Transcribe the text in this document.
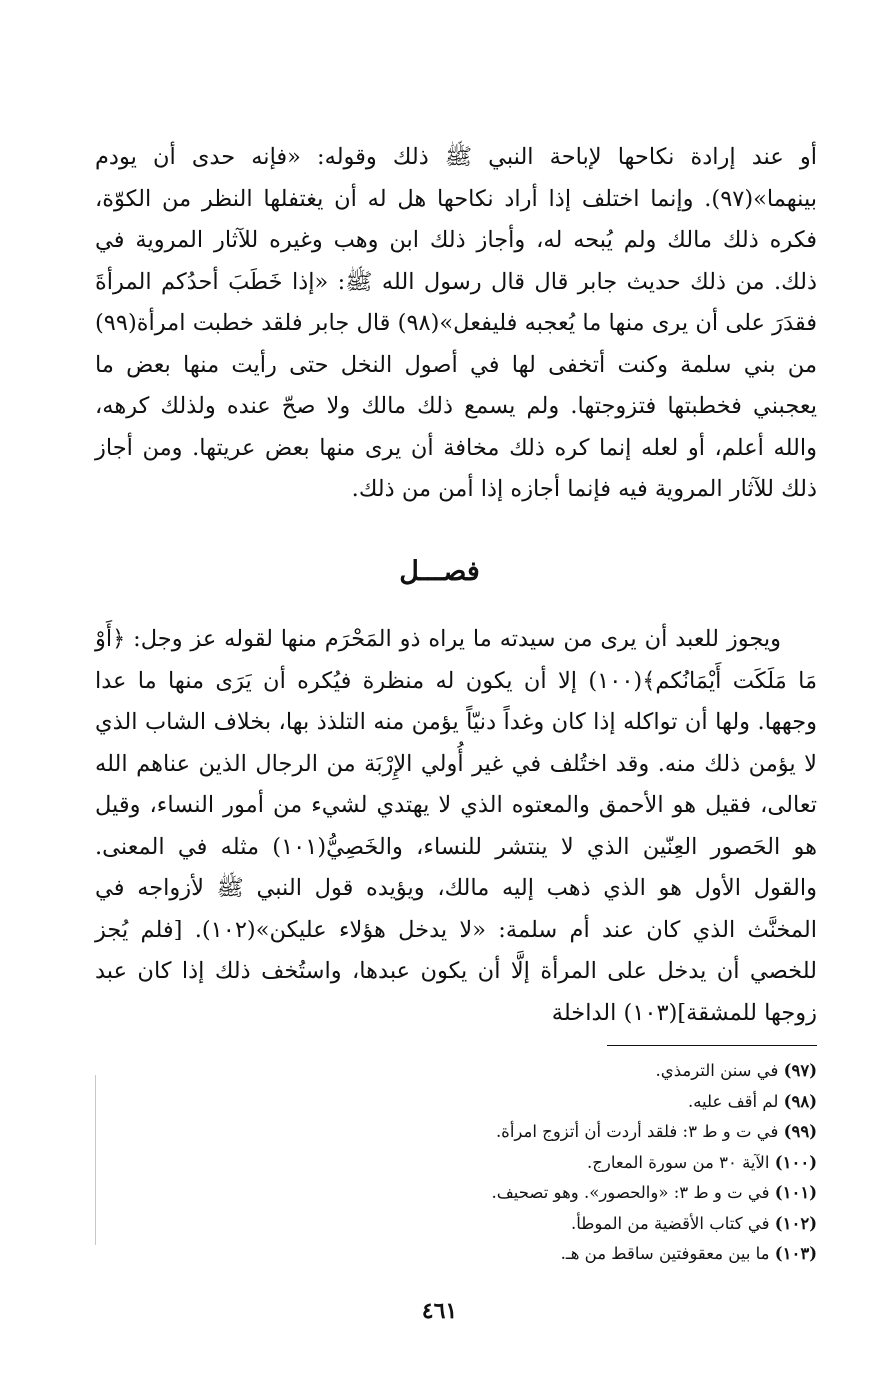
أو عند إرادة نكاحها لإباحة النبي ﷺ ذلك وقوله: «فإنه حدى أن يودم بينهما»(٩٧). وإنما اختلف إذا أراد نكاحها هل له أن يغتفلها النظر من الكوّة، فكره ذلك مالك ولم يُبحه له، وأجاز ذلك ابن وهب وغيره للآثار المروية في ذلك. من ذلك حديث جابر قال قال رسول الله ﷺ: «إذا خَطَبَ أحدُكم المرأةَ فقدَرَ على أن يرى منها ما يُعجبه فليفعل»(٩٨) قال جابر فلقد خطبت امرأة(٩٩) من بني سلمة وكنت أتخفى لها في أصول النخل حتى رأيت منها بعض ما يعجبني فخطبتها فتزوجتها. ولم يسمع ذلك مالك ولا صحّ عنده ولذلك كرهه، والله أعلم، أو لعله إنما كره ذلك مخافة أن يرى منها بعض عريتها. ومن أجاز ذلك للآثار المروية فيه فإنما أجازه إذا أمن من ذلك.

فصـــل

ويجوز للعبد أن يرى من سيدته ما يراه ذو المَحْرَم منها لقوله عز وجل: ﴿أَوْ مَا مَلَكَت أَيْمَانُكم﴾(١٠٠) إلا أن يكون له منظرة فيُكره أن يَرَى منها ما عدا وجهها. ولها أن تواكله إذا كان وغداً دنيّاً يؤمن منه التلذذ بها، بخلاف الشاب الذي لا يؤمن ذلك منه. وقد اختُلف في غير أُولي الإِرْبَة من الرجال الذين عناهم الله تعالى، فقيل هو الأحمق والمعتوه الذي لا يهتدي لشيء من أمور النساء، وقيل هو الحَصور العِنّين الذي لا ينتشر للنساء، والخَصِيُّ(١٠١) مثله في المعنى. والقول الأول هو الذي ذهب إليه مالك، ويؤيده قول النبي ﷺ لأزواجه في المخنَّث الذي كان عند أم سلمة: «لا يدخل هؤلاء عليكن»(١٠٢). [فلم يُجز للخصي أن يدخل على المرأة إلَّا أن يكون عبدها، واستُخف ذلك إذا كان عبد زوجها للمشقة](١٠٣) الداخلة

(٩٧) في سنن الترمذي.
(٩٨) لم أقف عليه.
(٩٩) في ت و ط ٣: فلقد أردت أن أتزوج امرأة.
(١٠٠) الآية ٣٠ من سورة المعارج.
(١٠١) في ت و ط ٣: «والحصور». وهو تصحيف.
(١٠٢) في كتاب الأقضية من الموطأ.
(١٠٣) ما بين معقوفتين ساقط من هـ.
٤٦١
